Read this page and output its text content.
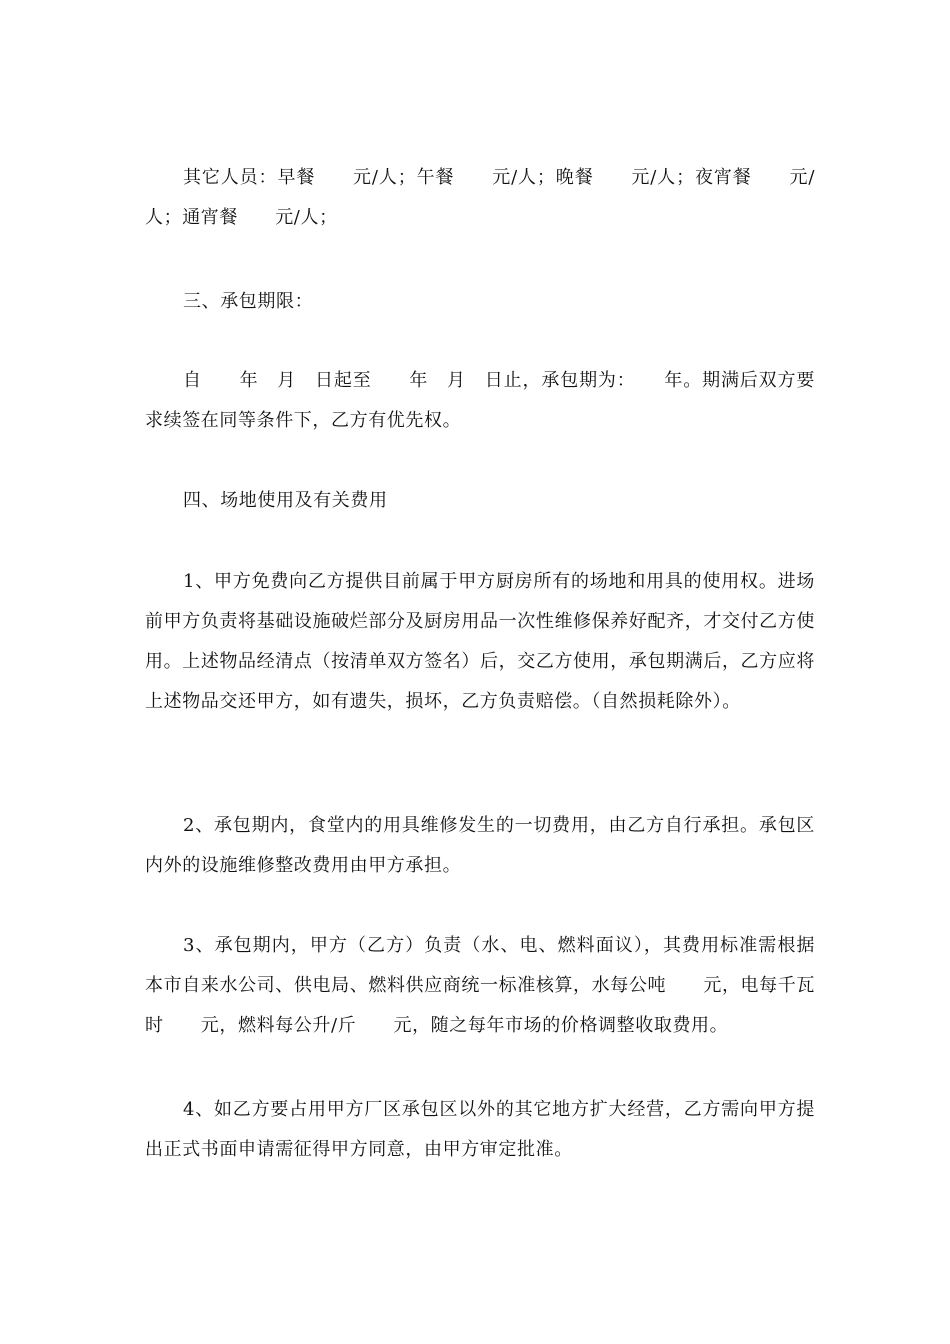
其它人员：早餐　　元/人；午餐　　元/人；晚餐　　元/人；夜宵餐　　元/人；通宵餐　　元/人；

三、承包期限：

自　　年　月　日起至　　年　月　日止，承包期为：　　年。期满后双方要求续签在同等条件下，乙方有优先权。

四、场地使用及有关费用

1、甲方免费向乙方提供目前属于甲方厨房所有的场地和用具的使用权。进场前甲方负责将基础设施破烂部分及厨房用品一次性维修保养好配齐，才交付乙方使用。上述物品经清点（按清单双方签名）后，交乙方使用，承包期满后，乙方应将上述物品交还甲方，如有遗失，损坏，乙方负责赔偿。（自然损耗除外）。

2、承包期内，食堂内的用具维修发生的一切费用，由乙方自行承担。承包区内外的设施维修整改费用由甲方承担。

3、承包期内，甲方（乙方）负责（水、电、燃料面议），其费用标准需根据本市自来水公司、供电局、燃料供应商统一标准核算，水每公吨　　元，电每千瓦时　　元，燃料每公升/斤　　元，随之每年市场的价格调整收取费用。

4、如乙方要占用甲方厂区承包区以外的其它地方扩大经营，乙方需向甲方提出正式书面申请需征得甲方同意，由甲方审定批准。
